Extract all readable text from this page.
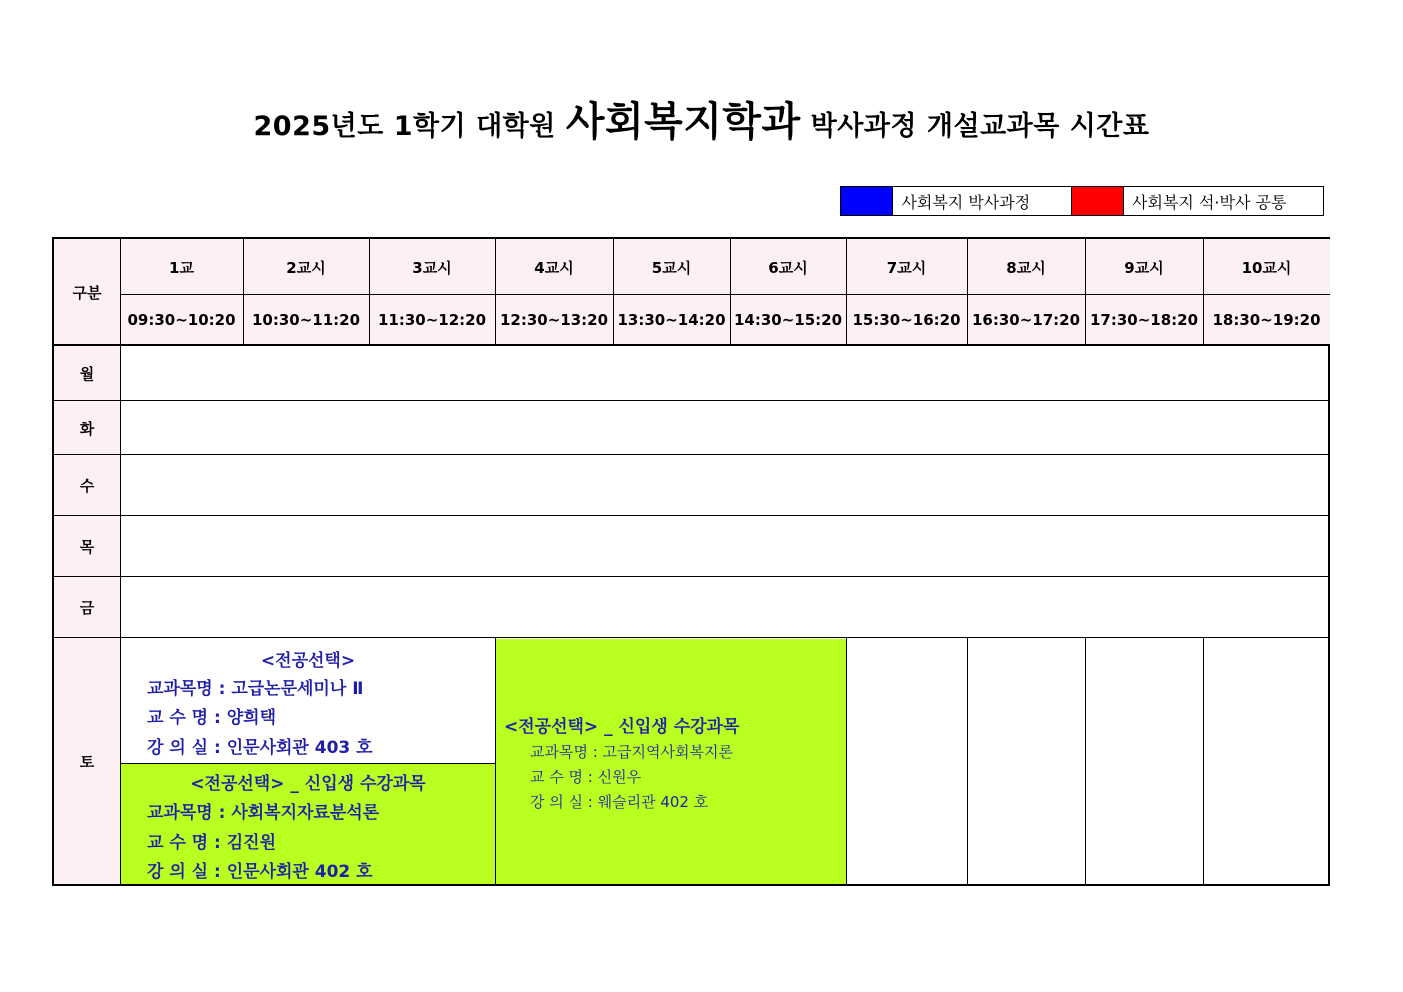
2025년도 1학기 대학원 사회복지학과 박사과정 개설교과목 시간표
사회복지 박사과정	사회복지 석·박사 공통
구분
1교	2교시	3교시	4교시	5교시	6교시	7교시	8교시	9교시	10교시
09:30~10:20	10:30~11:20	11:30~12:20 12:30~13:20 13:30~14:20 14:30~15:20 15:30~16:20 16:30~17:20 17:30~18:20 18:30~19:20
월
화
수
목
금
토
<전공선택>
교과목명 : 고급논문세미나 Ⅱ
교 수 명 : 양희택
강 의 실 : 인문사회관 403 호
<전공선택> _ 신입생 수강과목
교과목명 : 사회복지자료분석론
교 수 명 : 김진원
강 의 실 : 인문사회관 402 호
<전공선택> _ 신입생 수강과목
교과목명 : 고급지역사회복지론
교 수 명 : 신원우
강 의 실 : 웨슬리관 402 호
